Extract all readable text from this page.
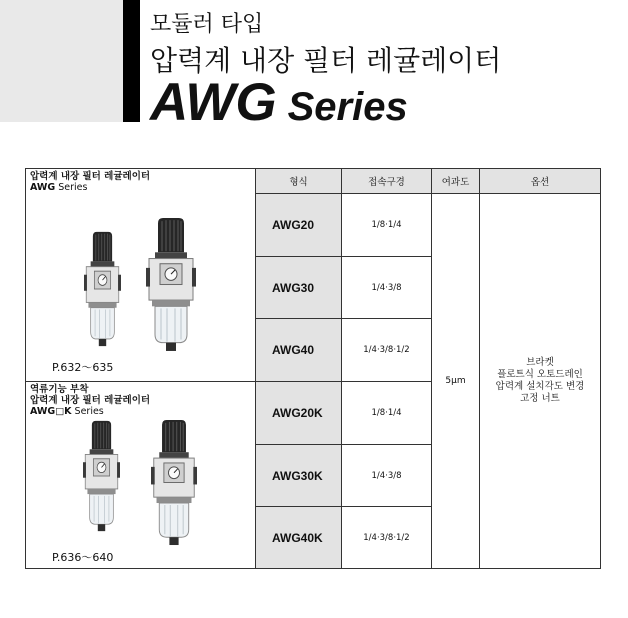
모듈러 타입
압력계 내장 필터 레귤레이터
AWG Series
압력계 내장 필터 레귤레이터
AWG Series
P.632～635
역류기능 부착
압력계 내장 필터 레귤레이터
AWG□K Series
P.636～640
형식	접속구경	여과도	옵션
AWG20	1/8·1/4
AWG30	1/4·3/8
AWG40	1/4·3/8·1/2
AWG20K	1/8·1/4
AWG30K	1/4·3/8
AWG40K	1/4·3/8·1/2
5μm
브라켓
플로트식 오토드레인
압력계 설치각도 변경
고정 너트
